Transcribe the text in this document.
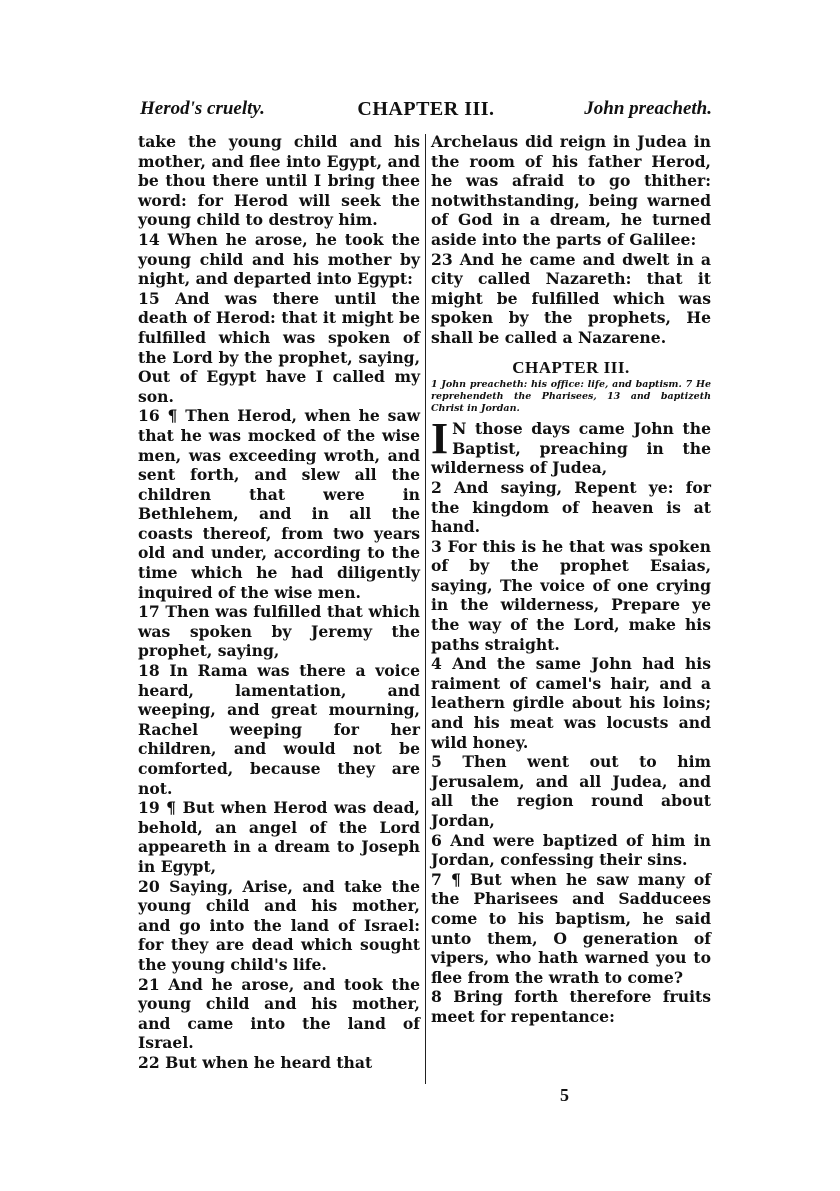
Herod's cruelty.	CHAPTER III.	John preacheth.

take the young child and his mother, and flee into Egypt, and be thou there until I bring thee word: for Herod will seek the young child to destroy him.

14 When he arose, he took the young child and his mother by night, and departed into Egypt:

15 And was there until the death of Herod: that it might be fulfilled which was spoken of the Lord by the prophet, saying, Out of Egypt have I called my son.

16 ¶ Then Herod, when he saw that he was mocked of the wise men, was exceeding wroth, and sent forth, and slew all the children that were in Bethlehem, and in all the coasts thereof, from two years old and under, according to the time which he had diligently inquired of the wise men.

17 Then was fulfilled that which was spoken by Jeremy the prophet, saying,

18 In Rama was there a voice heard, lamentation, and weeping, and great mourning, Rachel weeping for her children, and would not be comforted, because they are not.

19 ¶ But when Herod was dead, behold, an angel of the Lord appeareth in a dream to Joseph in Egypt,

20 Saying, Arise, and take the young child and his mother, and go into the land of Israel: for they are dead which sought the young child's life.

21 And he arose, and took the young child and his mother, and came into the land of Israel.

22 But when he heard that

Archelaus did reign in Judea in the room of his father Herod, he was afraid to go thither: notwithstanding, being warned of God in a dream, he turned aside into the parts of Galilee:

23 And he came and dwelt in a city called Nazareth: that it might be fulfilled which was spoken by the prophets, He shall be called a Nazarene.

CHAPTER III.

1 John preacheth: his office: life, and baptism. 7 He reprehendeth the Pharisees, 13 and baptizeth Christ in Jordan.

I N those days came John the Baptist, preaching in the wilderness of Judea,

2 And saying, Repent ye: for the kingdom of heaven is at hand.

3 For this is he that was spoken of by the prophet Esaias, saying, The voice of one crying in the wilderness, Prepare ye the way of the Lord, make his paths straight.

4 And the same John had his raiment of camel's hair, and a leathern girdle about his loins; and his meat was locusts and wild honey.

5 Then went out to him Jerusalem, and all Judea, and all the region round about Jordan,

6 And were baptized of him in Jordan, confessing their sins.

7 ¶ But when he saw many of the Pharisees and Sadducees come to his baptism, he said unto them, O generation of vipers, who hath warned you to flee from the wrath to come?

8 Bring forth therefore fruits meet for repentance:

5
